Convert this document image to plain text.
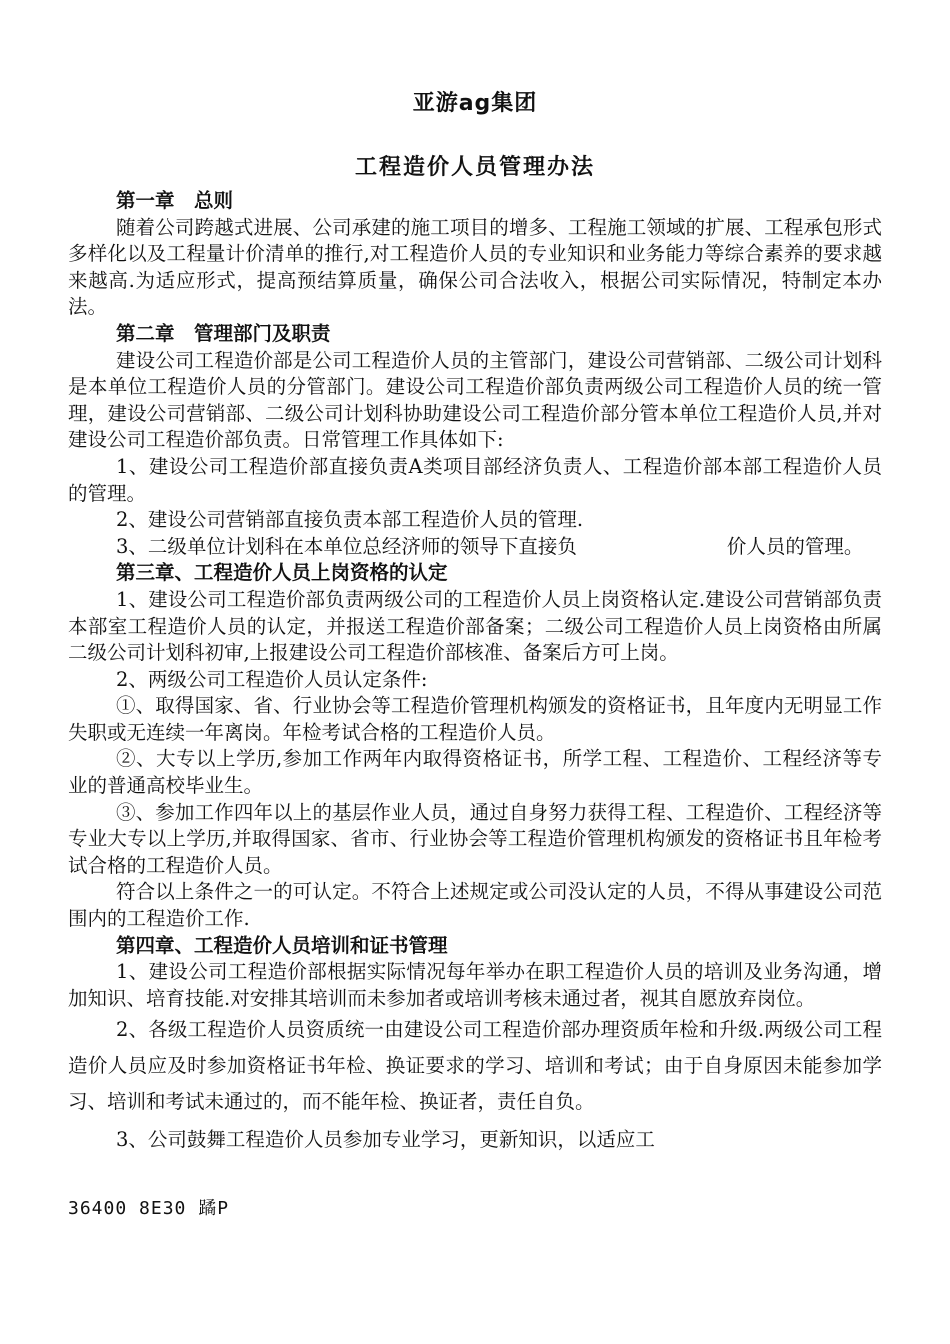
亚游ag集团
工程造价人员管理办法
第一章　总则

随着公司跨越式进展、公司承建的施工项目的增多、工程施工领域的扩展、工程承包形式多样化以及工程量计价清单的推行,对工程造价人员的专业知识和业务能力等综合素养的要求越来越高.为适应形式，提高预结算质量，确保公司合法收入，根据公司实际情况，特制定本办法。

第二章　管理部门及职责

建设公司工程造价部是公司工程造价人员的主管部门，建设公司营销部、二级公司计划科是本单位工程造价人员的分管部门。建设公司工程造价部负责两级公司工程造价人员的统一管理，建设公司营销部、二级公司计划科协助建设公司工程造价部分管本单位工程造价人员,并对建设公司工程造价部负责。日常管理工作具体如下:

1、建设公司工程造价部直接负责A类项目部经济负责人、工程造价部本部工程造价人员的管理。

2、建设公司营销部直接负责本部工程造价人员的管理.

3、二级单位计划科在本单位总经济师的领导下直接负	价人员的管理。

第三章、工程造价人员上岗资格的认定

1、建设公司工程造价部负责两级公司的工程造价人员上岗资格认定.建设公司营销部负责本部室工程造价人员的认定，并报送工程造价部备案；二级公司工程造价人员上岗资格由所属二级公司计划科初审,上报建设公司工程造价部核准、备案后方可上岗。

2、两级公司工程造价人员认定条件:

①、取得国家、省、行业协会等工程造价管理机构颁发的资格证书，且年度内无明显工作失职或无连续一年离岗。年检考试合格的工程造价人员。

②、大专以上学历,参加工作两年内取得资格证书，所学工程、工程造价、工程经济等专业的普通高校毕业生。

③、参加工作四年以上的基层作业人员，通过自身努力获得工程、工程造价、工程经济等专业大专以上学历,并取得国家、省市、行业协会等工程造价管理机构颁发的资格证书且年检考试合格的工程造价人员。

符合以上条件之一的可认定。不符合上述规定或公司没认定的人员，不得从事建设公司范围内的工程造价工作.

第四章、工程造价人员培训和证书管理

1、建设公司工程造价部根据实际情况每年举办在职工程造价人员的培训及业务沟通，增加知识、培育技能.对安排其培训而未参加者或培训考核未通过者，视其自愿放弃岗位。

2、各级工程造价人员资质统一由建设公司工程造价部办理资质年检和升级.两级公司工程造价人员应及时参加资格证书年检、换证要求的学习、培训和考试；由于自身原因未能参加学习、培训和考试未通过的，而不能年检、换证者，责任自负。

3、公司鼓舞工程造价人员参加专业学习，更新知识，以适应工

36400 8E30 蹫P
